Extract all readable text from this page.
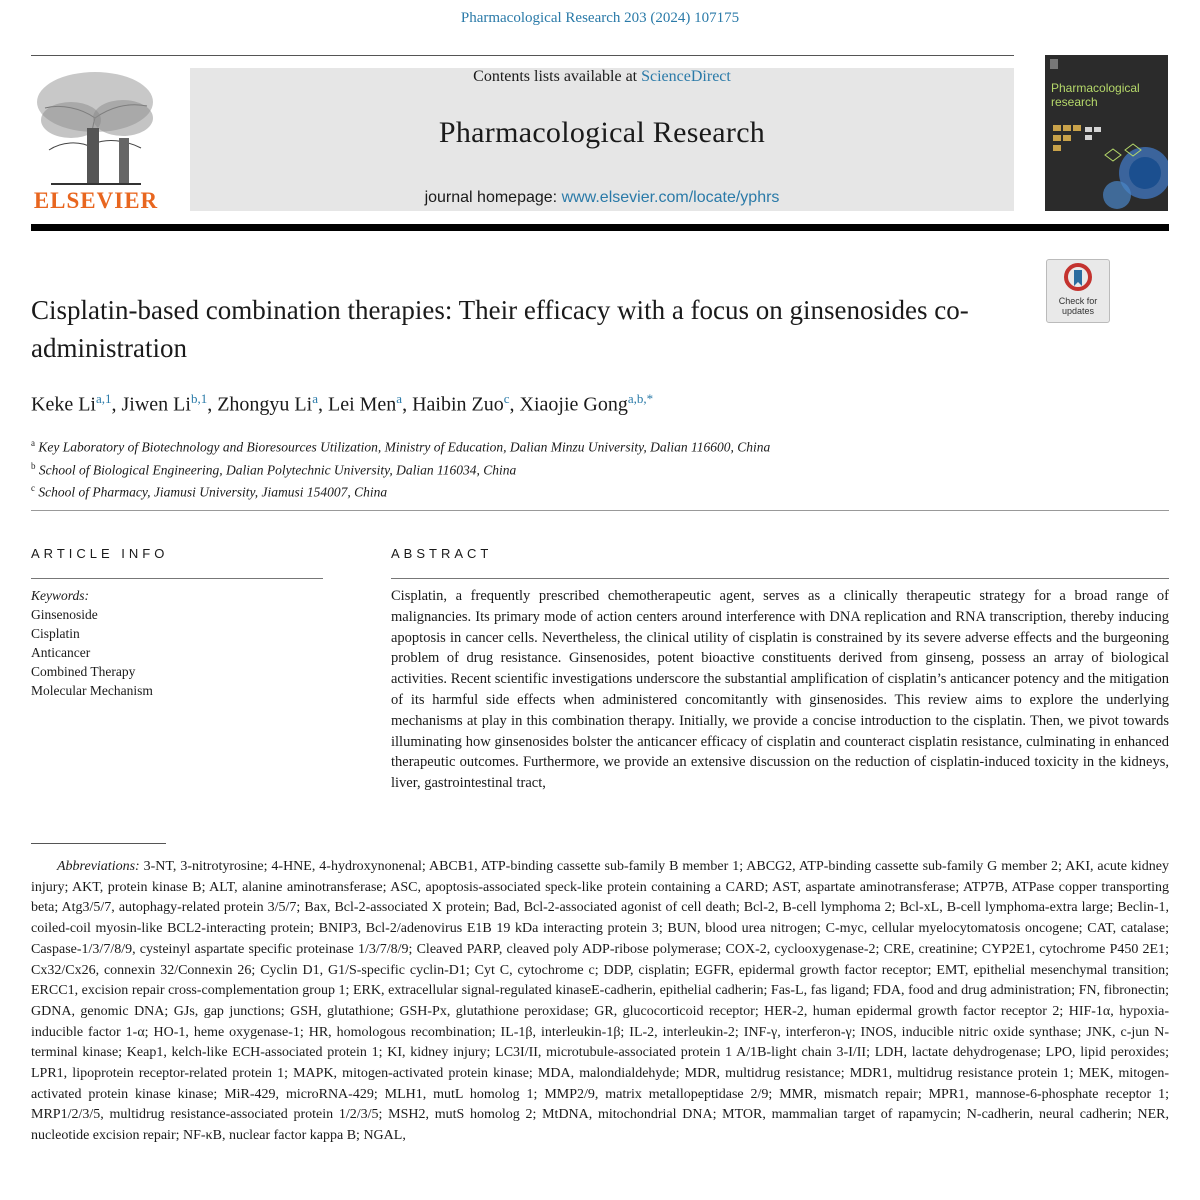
Pharmacological Research 203 (2024) 107175
ELSEVIER
Contents lists available at ScienceDirect
Pharmacological Research
journal homepage: www.elsevier.com/locate/yphrs
Pharmacological research
Check for updates
Cisplatin-based combination therapies: Their efficacy with a focus on ginsenosides co-administration
Keke Li$^{a,1}$, Jiwen Li$^{b,1}$, Zhongyu Li$^a$, Lei Men$^a$, Haibin Zuo$^c$, Xiaojie Gong$^{a,b,*}$
$^a$ Key Laboratory of Biotechnology and Bioresources Utilization, Ministry of Education, Dalian Minzu University, Dalian 116600, China
$^b$ School of Biological Engineering, Dalian Polytechnic University, Dalian 116034, China
$^c$ School of Pharmacy, Jiamusi University, Jiamusi 154007, China
ARTICLE INFO
Keywords:
Ginsenoside
Cisplatin
Anticancer
Combined Therapy
Molecular Mechanism
ABSTRACT
Cisplatin, a frequently prescribed chemotherapeutic agent, serves as a clinically therapeutic strategy for a broad range of malignancies. Its primary mode of action centers around interference with DNA replication and RNA transcription, thereby inducing apoptosis in cancer cells. Nevertheless, the clinical utility of cisplatin is constrained by its severe adverse effects and the burgeoning problem of drug resistance. Ginsenosides, potent bioactive constituents derived from ginseng, possess an array of biological activities. Recent scientific investigations underscore the substantial amplification of cisplatin’s anticancer potency and the mitigation of its harmful side effects when administered concomitantly with ginsenosides. This review aims to explore the underlying mechanisms at play in this combination therapy. Initially, we provide a concise introduction to the cisplatin. Then, we pivot towards illuminating how ginsenosides bolster the anticancer efficacy of cisplatin and counteract cisplatin resistance, culminating in enhanced therapeutic outcomes. Furthermore, we provide an extensive discussion on the reduction of cisplatin-induced toxicity in the kidneys, liver, gastrointestinal tract,
Abbreviations: 3-NT, 3-nitrotyrosine; 4-HNE, 4-hydroxynonenal; ABCB1, ATP-binding cassette sub-family B member 1; ABCG2, ATP-binding cassette sub-family G member 2; AKI, acute kidney injury; AKT, protein kinase B; ALT, alanine aminotransferase; ASC, apoptosis-associated speck-like protein containing a CARD; AST, aspartate aminotransferase; ATP7B, ATPase copper transporting beta; Atg3/5/7, autophagy-related protein 3/5/7; Bax, Bcl-2-associated X protein; Bad, Bcl-2-associated agonist of cell death; Bcl-2, B-cell lymphoma 2; Bcl-xL, B-cell lymphoma-extra large; Beclin-1, coiled-coil myosin-like BCL2-interacting protein; BNIP3, Bcl-2/adenovirus E1B 19 kDa interacting protein 3; BUN, blood urea nitrogen; C-myc, cellular myelocytomatosis oncogene; CAT, catalase; Caspase-1/3/7/8/9, cysteinyl aspartate specific proteinase 1/3/7/8/9; Cleaved PARP, cleaved poly ADP-ribose polymerase; COX-2, cyclooxygenase-2; CRE, creatinine; CYP2E1, cytochrome P450 2E1; Cx32/Cx26, connexin 32/Connexin 26; Cyclin D1, G1/S-specific cyclin-D1; Cyt C, cytochrome c; DDP, cisplatin; EGFR, epidermal growth factor receptor; EMT, epithelial mesenchymal transition; ERCC1, excision repair cross-complementation group 1; ERK, extracellular signal-regulated kinaseE-cadherin, epithelial cadherin; Fas-L, fas ligand; FDA, food and drug administration; FN, fibronectin; GDNA, genomic DNA; GJs, gap junctions; GSH, glutathione; GSH-Px, glutathione peroxidase; GR, glucocorticoid receptor; HER-2, human epidermal growth factor receptor 2; HIF-1α, hypoxia-inducible factor 1-α; HO-1, heme oxygenase-1; HR, homologous recombination; IL-1β, interleukin-1β; IL-2, interleukin-2; INF-γ, interferon-γ; INOS, inducible nitric oxide synthase; JNK, c-jun N-terminal kinase; Keap1, kelch-like ECH-associated protein 1; KI, kidney injury; LC3I/II, microtubule-associated protein 1 A/1B-light chain 3-I/II; LDH, lactate dehydrogenase; LPO, lipid peroxides; LPR1, lipoprotein receptor-related protein 1; MAPK, mitogen-activated protein kinase; MDA, malondialdehyde; MDR, multidrug resistance; MDR1, multidrug resistance protein 1; MEK, mitogen-activated protein kinase kinase; MiR-429, microRNA-429; MLH1, mutL homolog 1; MMP2/9, matrix metallopeptidase 2/9; MMR, mismatch repair; MPR1, mannose-6-phosphate receptor 1; MRP1/2/3/5, multidrug resistance-associated protein 1/2/3/5; MSH2, mutS homolog 2; MtDNA, mitochondrial DNA; MTOR, mammalian target of rapamycin; N-cadherin, neural cadherin; NER, nucleotide excision repair; NF-κB, nuclear factor kappa B; NGAL,
